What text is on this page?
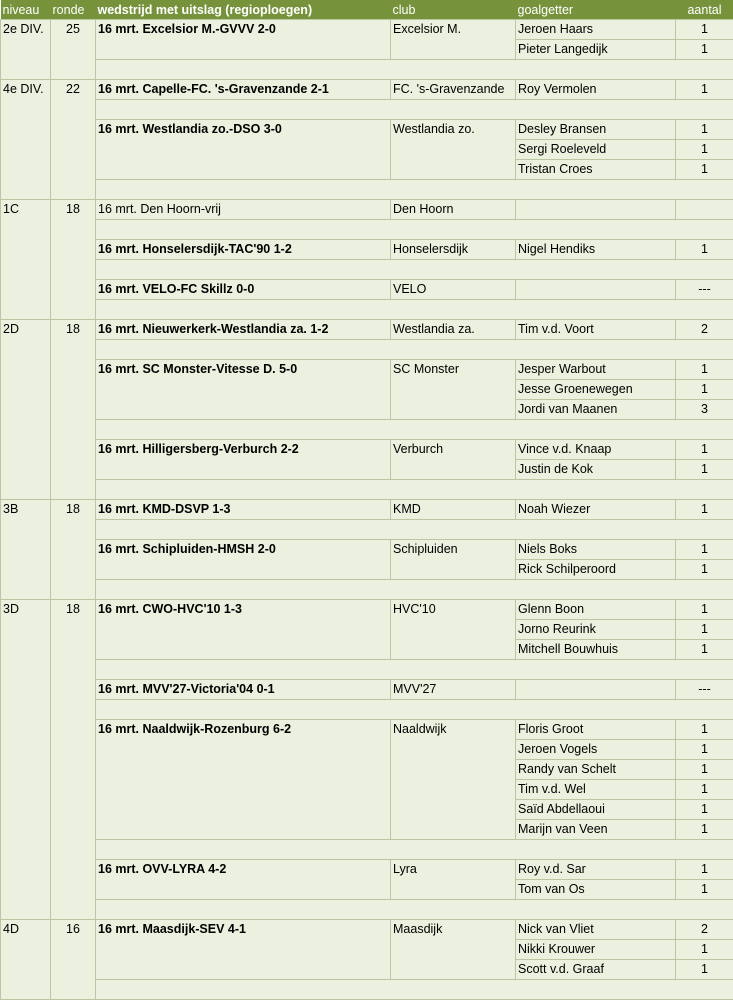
niveau	ronde	wedstrijd met uitslag (regioploegen)	club	goalgetter	aantal
2e DIV.	25	16 mrt. Excelsior M.-GVVV 2-0	Excelsior M.	Jeroen Haars	1
				Pieter Langedijk	1

4e DIV.	22	16 mrt. Capelle-FC. 's-Gravenzande 2-1	FC. 's-Gravenzande	Roy Vermolen	1

		16 mrt. Westlandia zo.-DSO 3-0	Westlandia zo.	Desley Bransen	1
				Sergi Roeleveld	1
				Tristan Croes	1

1C	18	16 mrt. Den Hoorn-vrij	Den Hoorn		

		16 mrt. Honselersdijk-TAC'90 1-2	Honselersdijk	Nigel Hendiks	1

		16 mrt. VELO-FC Skillz 0-0	VELO		---

2D	18	16 mrt. Nieuwerkerk-Westlandia za. 1-2	Westlandia za.	Tim v.d. Voort	2

		16 mrt. SC Monster-Vitesse D. 5-0	SC Monster	Jesper Warbout	1
				Jesse Groenewegen	1
				Jordi van Maanen	3

		16 mrt. Hilligersberg-Verburch 2-2	Verburch	Vince v.d. Knaap	1
				Justin de Kok	1

3B	18	16 mrt. KMD-DSVP 1-3	KMD	Noah Wiezer	1

		16 mrt. Schipluiden-HMSH 2-0	Schipluiden	Niels Boks	1
				Rick Schilperoord	1

3D	18	16 mrt. CWO-HVC'10 1-3	HVC'10	Glenn Boon	1
				Jorno Reurink	1
				Mitchell Bouwhuis	1

		16 mrt. MVV'27-Victoria'04 0-1	MVV'27		---

		16 mrt. Naaldwijk-Rozenburg 6-2	Naaldwijk	Floris Groot	1
				Jeroen Vogels	1
				Randy van Schelt	1
				Tim v.d. Wel	1
				Saïd Abdellaoui	1
				Marijn van Veen	1

		16 mrt. OVV-LYRA 4-2	Lyra	Roy v.d. Sar	1
				Tom van Os	1

4D	16	16 mrt. Maasdijk-SEV 4-1	Maasdijk	Nick van Vliet	2
				Nikki Krouwer	1
				Scott v.d. Graaf	1
